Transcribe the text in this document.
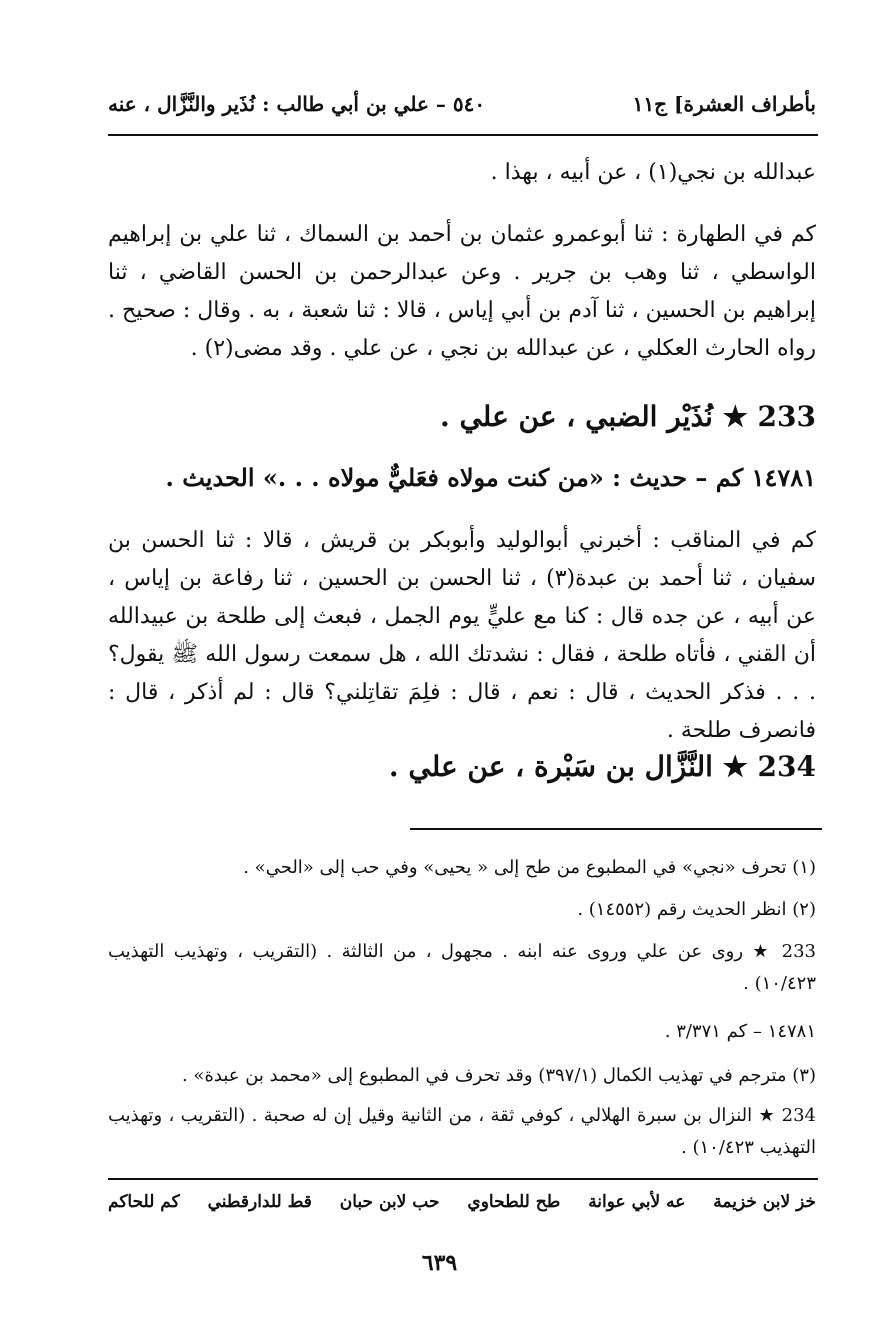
بأطراف العشرة] ج١١
٥٤٠ – علي بن أبي طالب : نُذَير والنَّزَّال ، عنه
عبدالله بن نجي(١) ، عن أبيه ، بهذا .
كم في الطهارة : ثنا أبوعمرو عثمان بن أحمد بن السماك ، ثنا علي بن إبراهيم الواسطي ، ثنا وهب بن جرير . وعن عبدالرحمن بن الحسن القاضي ، ثنا إبراهيم بن الحسين ، ثنا آدم بن أبي إياس ، قالا : ثنا شعبة ، به . وقال : صحيح . رواه الحارث العكلي ، عن عبدالله بن نجي ، عن علي . وقد مضى(٢) .
233 ★ نُذَيْر الضبي ، عن علي .
١٤٧٨١ كم – حديث : «من كنت مولاه فعَليٌّ مولاه . . .» الحديث .
كم في المناقب : أخبرني أبوالوليد وأبوبكر بن قريش ، قالا : ثنا الحسن بن سفيان ، ثنا أحمد بن عبدة(٣) ، ثنا الحسن بن الحسين ، ثنا رفاعة بن إياس ، عن أبيه ، عن جده قال : كنا مع عليٍّ يوم الجمل ، فبعث إلى طلحة بن عبيدالله أن القني ، فأتاه طلحة ، فقال : نشدتك الله ، هل سمعت رسول الله ﷺ يقول؟ . . . فذكر الحديث ، قال : نعم ، قال : فلِمَ تقاتِلني؟ قال : لم أذكر ، قال : فانصرف طلحة .
234 ★ النَّزَّال بن سَبْرة ، عن علي .
(١) تحرف «نجي» في المطبوع من طح إلى « يحيى» وفي حب إلى «الحي» .
(٢) انظر الحديث رقم (١٤٥٥٢) .
233 ★ روى عن علي وروى عنه ابنه . مجهول ، من الثالثة . (التقريب ، وتهذيب التهذيب ١٠/٤٢٣) .
١٤٧٨١ – كم ٣/٣٧١ .
(٣) مترجم في تهذيب الكمال (٣٩٧/١) وقد تحرف في المطبوع إلى «محمد بن عبدة» .
234 ★ النزال بن سبرة الهلالي ، كوفي ثقة ، من الثانية وقيل إن له صحبة . (التقريب ، وتهذيب التهذيب ١٠/٤٢٣) .
خز لابن خزيمة
عه لأبي عوانة
طح للطحاوي
حب لابن حبان
قط للدارقطني
كم للحاكم
٦٣٩
